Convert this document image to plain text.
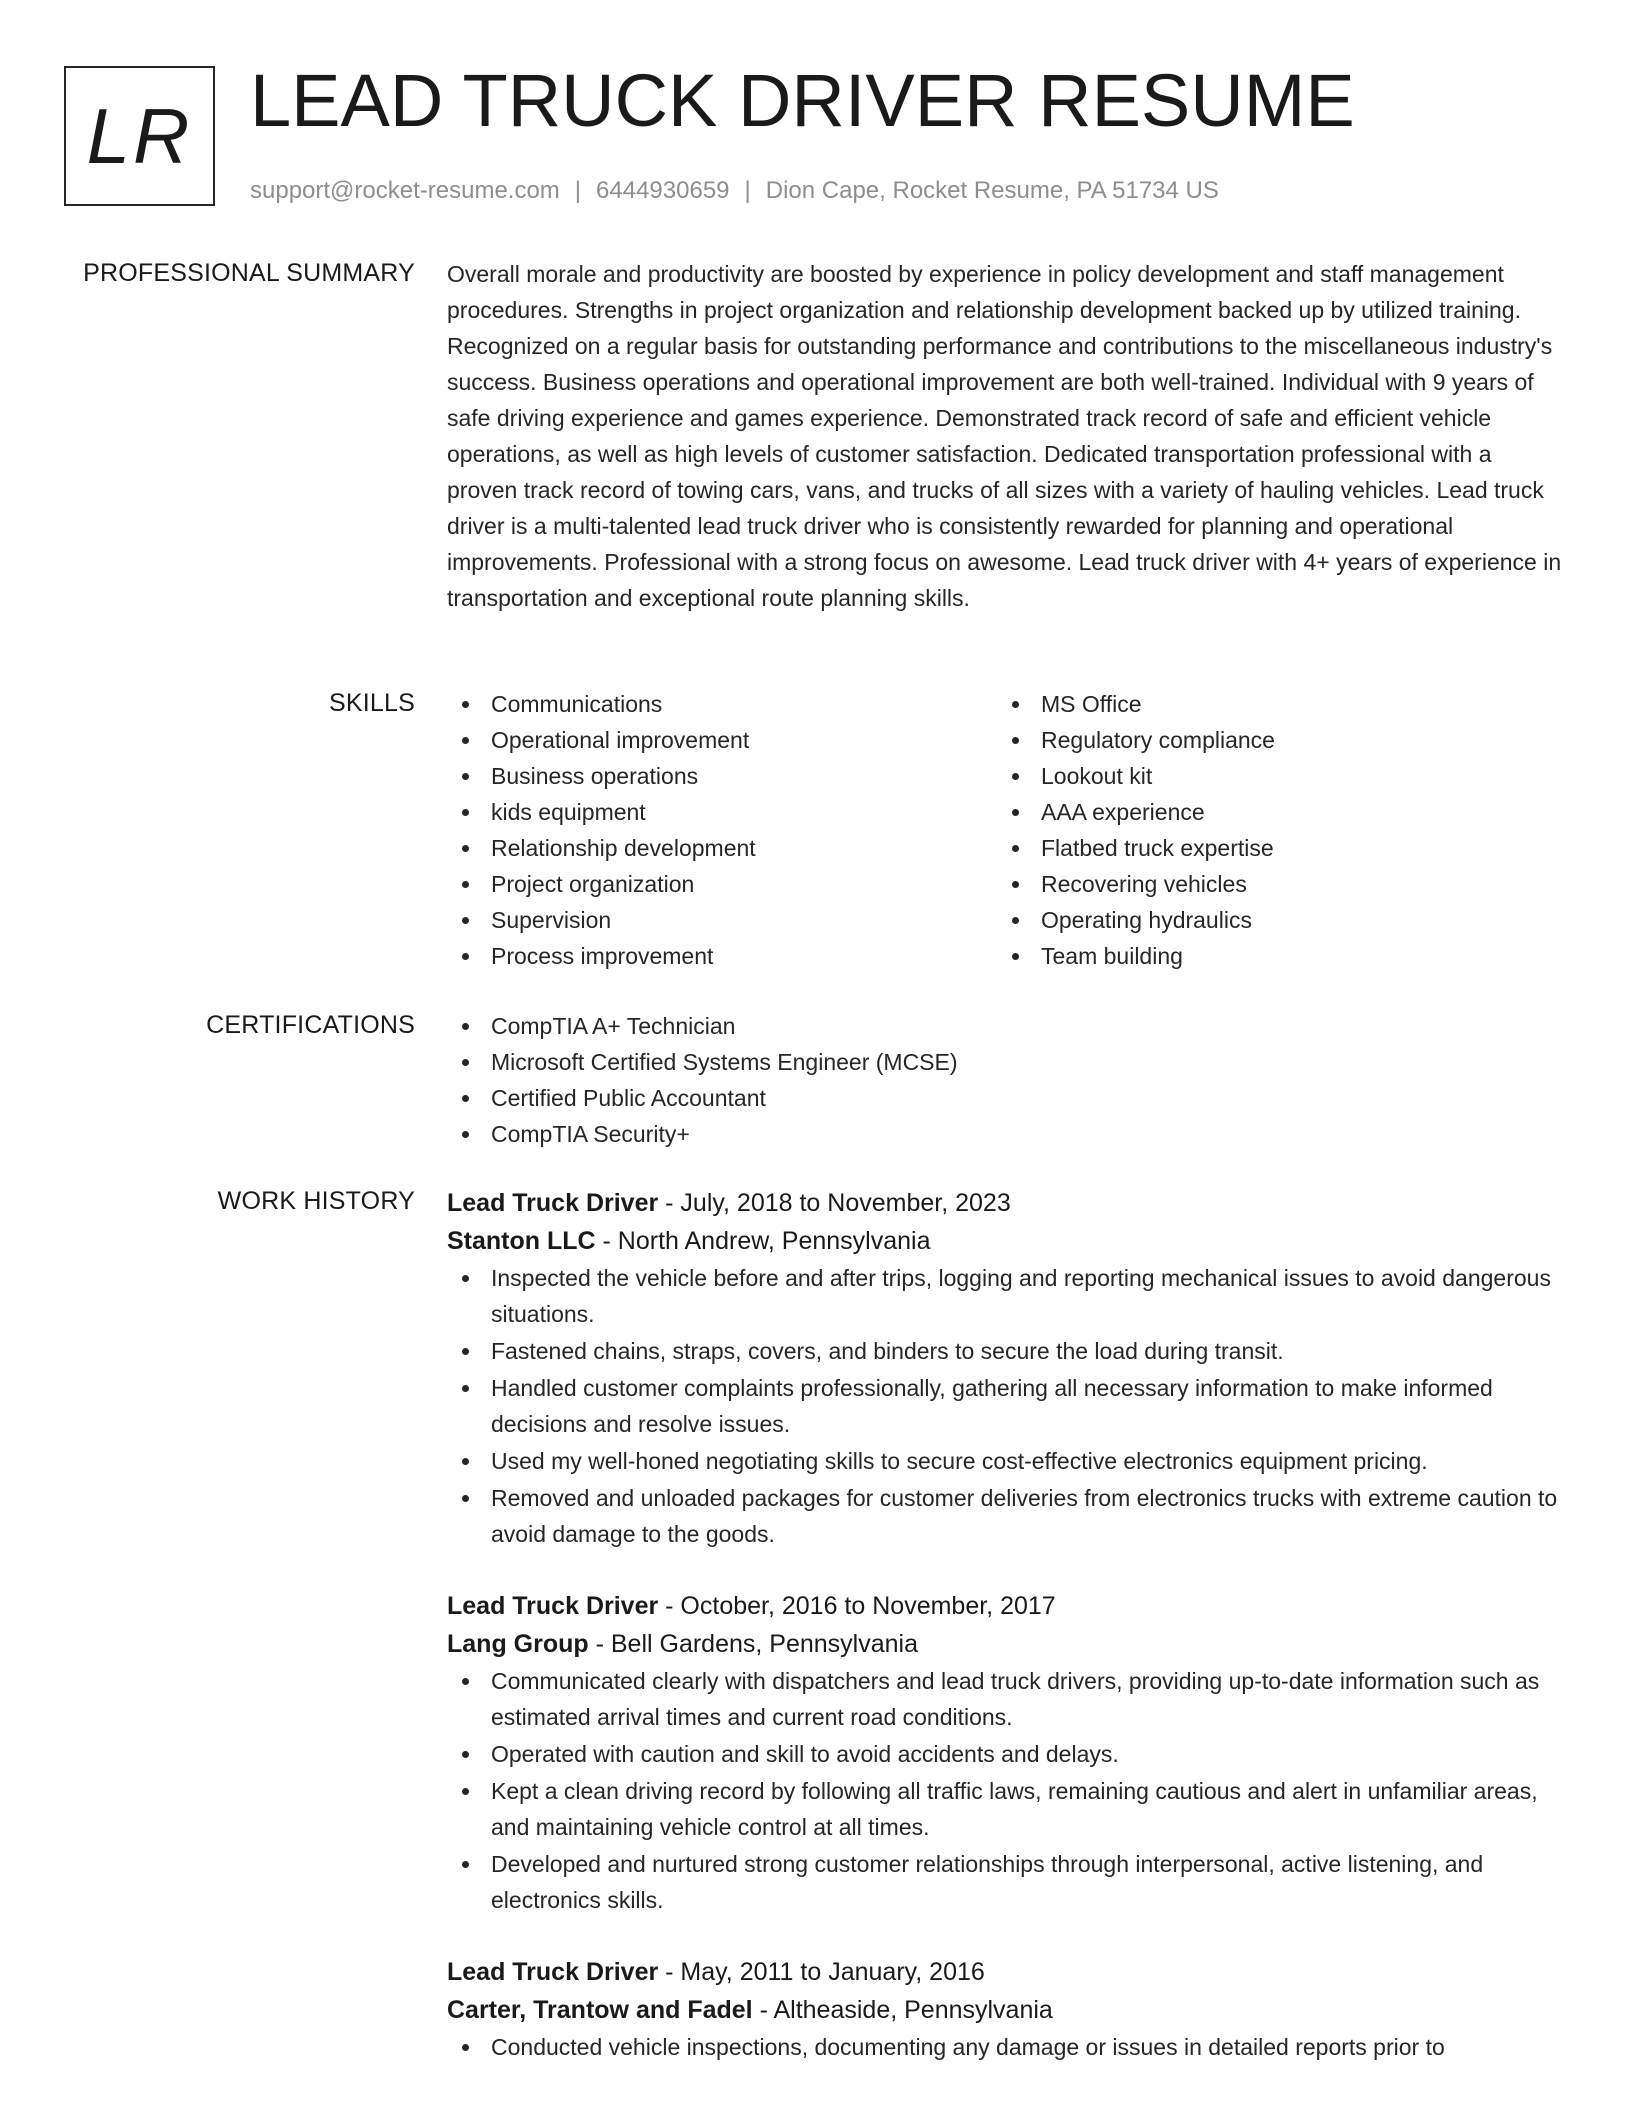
LR LEAD TRUCK DRIVER RESUME
support@rocket-resume.com | 6444930659 | Dion Cape, Rocket Resume, PA 51734 US
PROFESSIONAL SUMMARY Overall morale and productivity are boosted by experience in policy development and staff management procedures. Strengths in project organization and relationship development backed up by utilized training. Recognized on a regular basis for outstanding performance and contributions to the miscellaneous industry's success. Business operations and operational improvement are both well-trained. Individual with 9 years of safe driving experience and games experience. Demonstrated track record of safe and efficient vehicle operations, as well as high levels of customer satisfaction. Dedicated transportation professional with a proven track record of towing cars, vans, and trucks of all sizes with a variety of hauling vehicles. Lead truck driver is a multi-talented lead truck driver who is consistently rewarded for planning and operational improvements. Professional with a strong focus on awesome. Lead truck driver with 4+ years of experience in transportation and exceptional route planning skills.

SKILLS	Communications
Operational improvement
Business operations
kids equipment
Relationship development
Project organization
Supervision
Process improvement
MS Office
Regulatory compliance
Lookout kit
AAA experience
Flatbed truck expertise
Recovering vehicles
Operating hydraulics
Team building
CERTIFICATIONS	CompTIA A+ Technician
Microsoft Certified Systems Engineer (MCSE)
Certified Public Accountant
CompTIA Security+
WORK HISTORY Lead Truck Driver - July, 2018 to November, 2023
Stanton LLC - North Andrew, Pennsylvania
Inspected the vehicle before and after trips, logging and reporting mechanical issues to avoid dangerous situations.
Fastened chains, straps, covers, and binders to secure the load during transit.
Handled customer complaints professionally, gathering all necessary information to make informed decisions and resolve issues.
Used my well-honed negotiating skills to secure cost-effective electronics equipment pricing.
Removed and unloaded packages for customer deliveries from electronics trucks with extreme caution to avoid damage to the goods.
Lead Truck Driver - October, 2016 to November, 2017
Lang Group - Bell Gardens, Pennsylvania
Communicated clearly with dispatchers and lead truck drivers, providing up-to-date information such as estimated arrival times and current road conditions.
Operated with caution and skill to avoid accidents and delays.
Kept a clean driving record by following all traffic laws, remaining cautious and alert in unfamiliar areas, and maintaining vehicle control at all times.
Developed and nurtured strong customer relationships through interpersonal, active listening, and electronics skills.
Lead Truck Driver - May, 2011 to January, 2016
Carter, Trantow and Fadel - Altheaside, Pennsylvania
Conducted vehicle inspections, documenting any damage or issues in detailed reports prior to
